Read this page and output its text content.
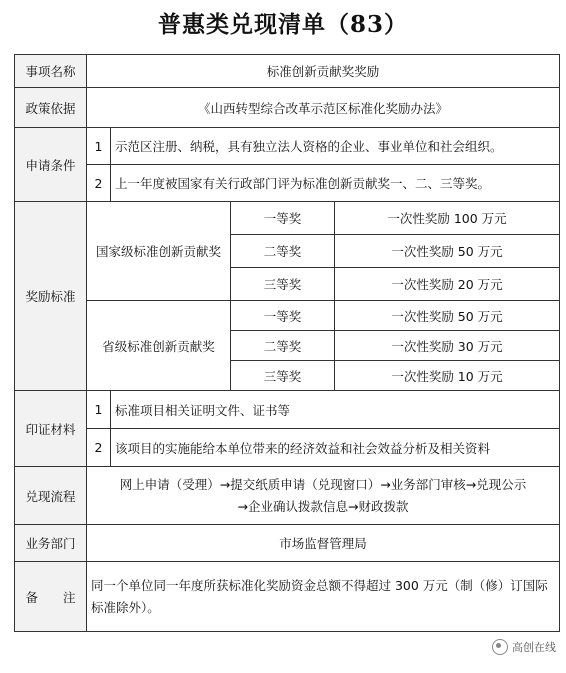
普惠类兑现清单（83）
事项名称	标准创新贡献奖奖励			
政策依据	《山西转型综合改革示范区标准化奖励办法》			
申请条件	1	示范区注册、纳税，具有独立法人资格的企业、事业单位和社会组织。		
	2	上一年度被国家有关行政部门评为标准创新贡献奖一、二、三等奖。		
奖励标准	国家级标准创新贡献奖		一等奖	一次性奖励 100 万元
			二等奖	一次性奖励 50 万元
			三等奖	一次性奖励 20 万元
	省级标准创新贡献奖		一等奖	一次性奖励 50 万元
			二等奖	一次性奖励 30 万元
			三等奖	一次性奖励 10 万元
印证材料	1	标准项目相关证明文件、证书等		
	2	该项目的实施能给本单位带来的经济效益和社会效益分析及相关资料		
兑现流程	网上申请（受理）→提交纸质申请（兑现窗口）→业务部门审核→兑现公示
→企业确认拨款信息→财政拨款			

业务部门	市场监督管理局			
备　　注	同一个单位同一年度所获标准化奖励资金总额不得超过 300 万元（制（修）订国际标准除外）。			
高创在线
